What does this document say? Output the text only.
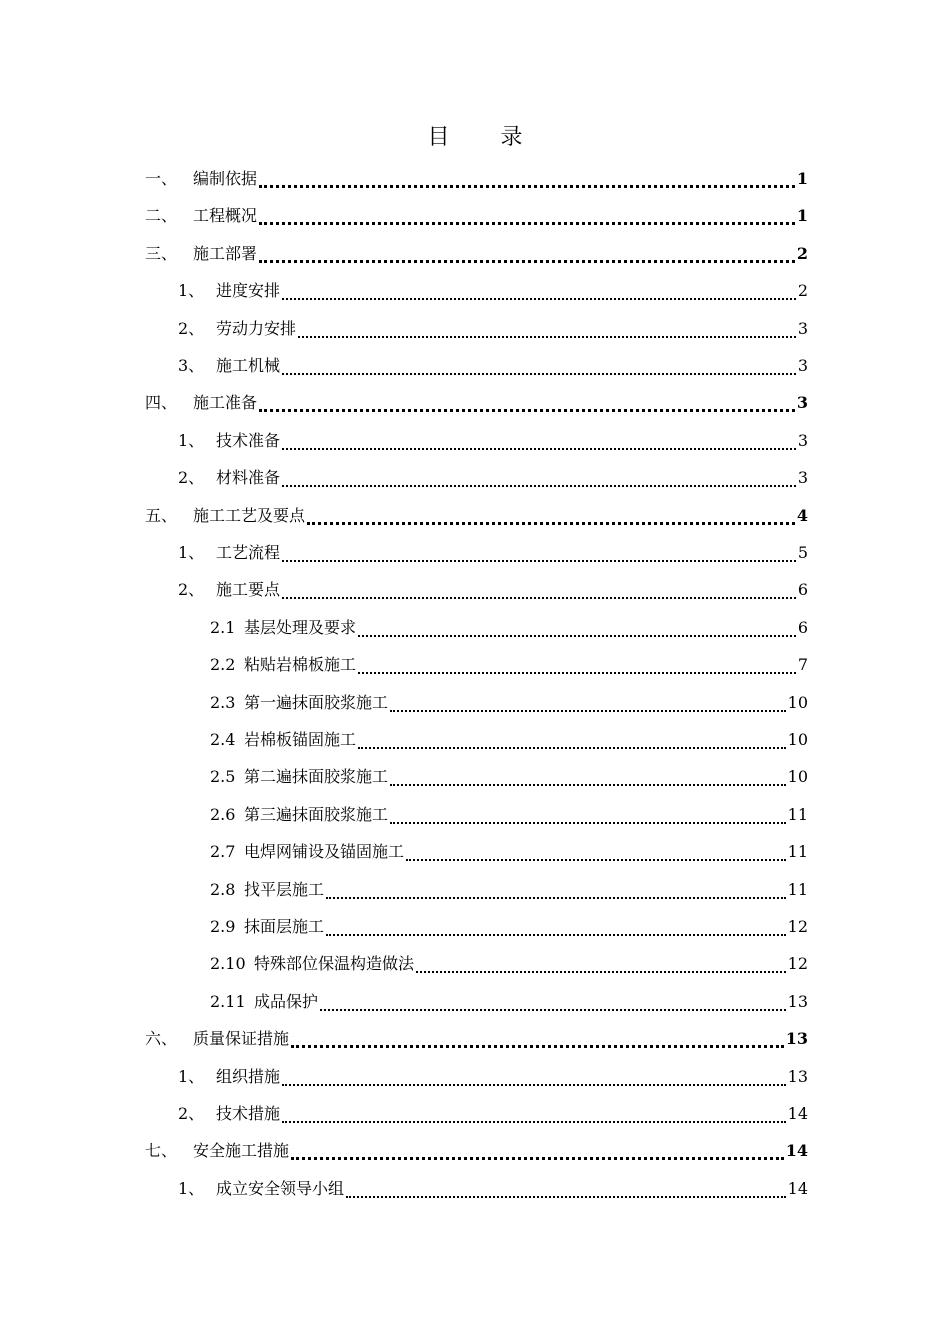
目 录
一、 编制依据	1
二、 工程概况	1
三、 施工部署	2
1、 进度安排	2
2、 劳动力安排	3
3、 施工机械	3
四、 施工准备	3
1、 技术准备	3
2、 材料准备	3
五、 施工工艺及要点	4
1、 工艺流程	5
2、 施工要点	6
2.1 基层处理及要求	6
2.2 粘贴岩棉板施工	7
2.3 第一遍抹面胶浆施工	10
2.4 岩棉板锚固施工	10
2.5 第二遍抹面胶浆施工	10
2.6 第三遍抹面胶浆施工	11
2.7 电焊网铺设及锚固施工	11
2.8 找平层施工	11
2.9 抹面层施工	12
2.10 特殊部位保温构造做法	12
2.11 成品保护	13
六、 质量保证措施	13
1、 组织措施	13
2、 技术措施	14
七、 安全施工措施	14
1、 成立安全领导小组	14
